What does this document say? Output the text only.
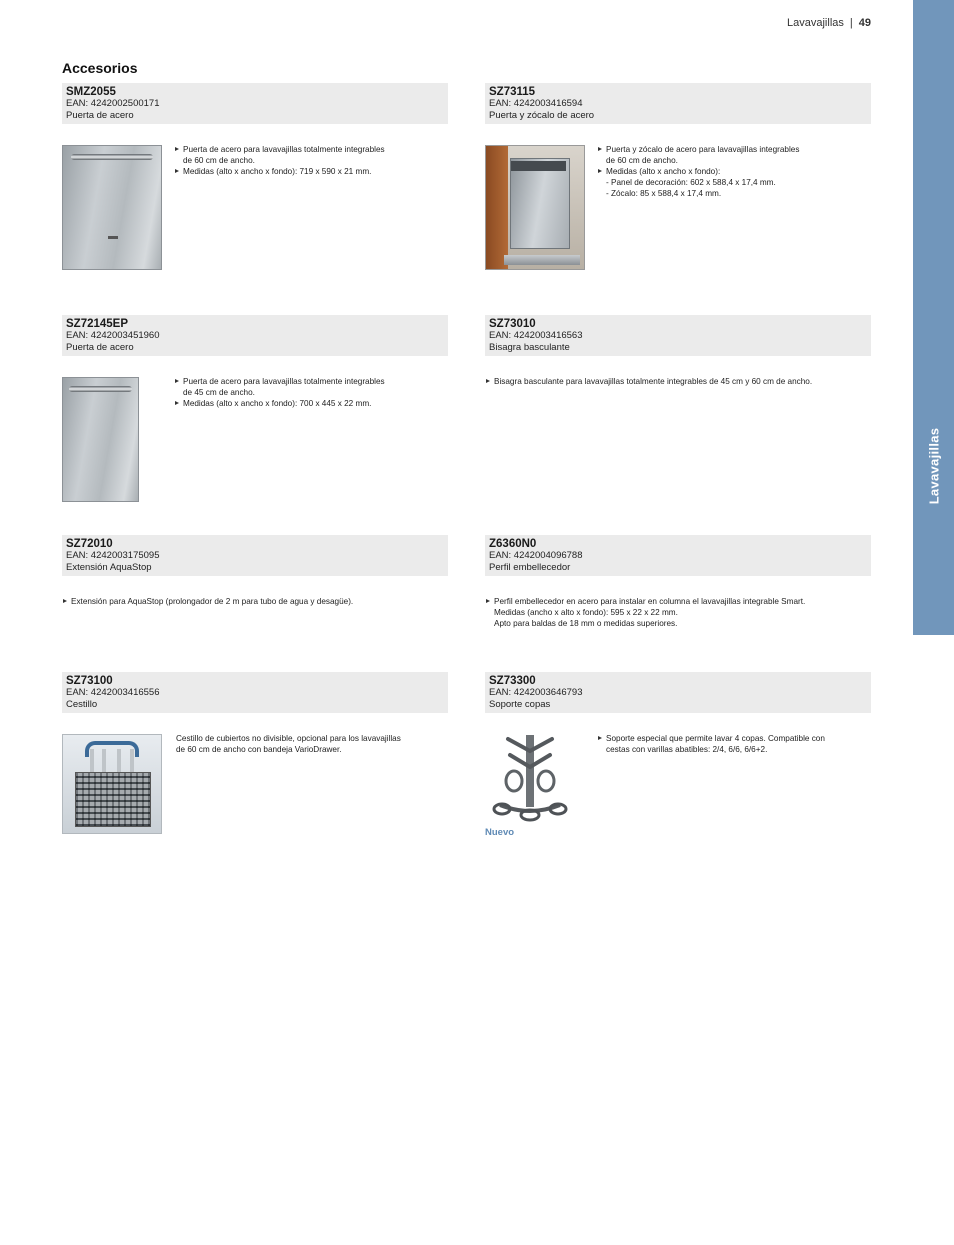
Lavavajillas | 49
Lavavajillas
Accesorios
SMZ2055
EAN: 4242002500171
Puerta de acero
Puerta de acero para lavavajillas totalmente integrables
de 60 cm de ancho.
Medidas (alto x ancho x fondo): 719 x 590 x 21 mm.
SZ73115
EAN: 4242003416594
Puerta y zócalo de acero
Puerta y zócalo de acero para lavavajillas integrables
de 60 cm de ancho.
Medidas (alto x ancho x fondo):
- Panel de decoración: 602 x 588,4 x 17,4 mm.
- Zócalo: 85 x 588,4 x 17,4 mm.
SZ72145EP
EAN: 4242003451960
Puerta de acero
Puerta de acero para lavavajillas totalmente integrables
de 45 cm de ancho.
Medidas (alto x ancho x fondo): 700 x 445 x 22 mm.
SZ73010
EAN: 4242003416563
Bisagra basculante
Bisagra basculante para lavavajillas totalmente integrables de 45 cm y 60 cm de ancho.
SZ72010
EAN: 4242003175095
Extensión AquaStop
Extensión para AquaStop (prolongador de 2 m para tubo de agua y desagüe).
Z6360N0
EAN: 4242004096788
Perfil embellecedor
Perfil embellecedor en acero para instalar en columna el lavavajillas integrable Smart.
Medidas (ancho x alto x fondo): 595 x 22 x 22 mm.
Apto para baldas de 18 mm o medidas superiores.
SZ73100
EAN: 4242003416556
Cestillo

Cestillo de cubiertos no divisible, opcional para los lavavajillas

de 60 cm de ancho con bandeja VarioDrawer.

SZ73300
EAN: 4242003646793
Soporte copas
Soporte especial que permite lavar 4 copas. Compatible con
cestas con varillas abatibles: 2/4, 6/6, 6/6+2.
Nuevo
